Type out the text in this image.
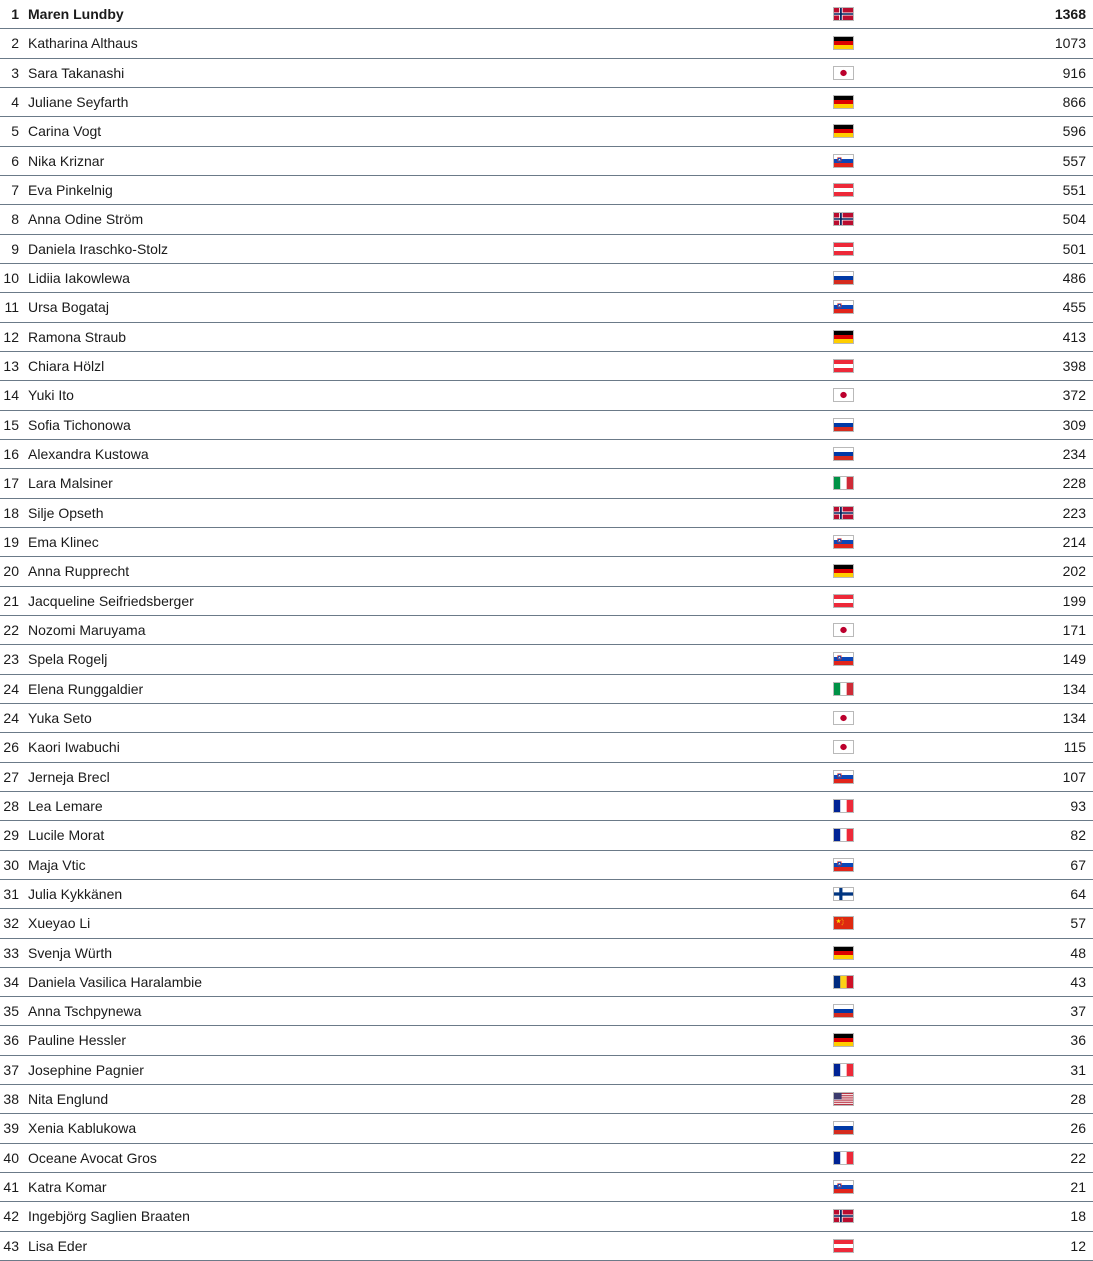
1 Maren Lundby	1368
2 Katharina Althaus	1073
3 Sara Takanashi	916
4 Juliane Seyfarth	866
5 Carina Vogt	596
6 Nika Kriznar	557
7 Eva Pinkelnig	551
8 Anna Odine Ström	504
9 Daniela Iraschko-Stolz	501
10 Lidiia Iakowlewa	486
11 Ursa Bogataj	455
12 Ramona Straub	413
13 Chiara Hölzl	398
14 Yuki Ito	372
15 Sofia Tichonowa	309
16 Alexandra Kustowa	234
17 Lara Malsiner	228
18 Silje Opseth	223
19 Ema Klinec	214
20 Anna Rupprecht	202
21 Jacqueline Seifriedsberger	199
22 Nozomi Maruyama	171
23 Spela Rogelj	149
24 Elena Runggaldier	134
24 Yuka Seto	134
26 Kaori Iwabuchi	115
27 Jerneja Brecl	107
28 Lea Lemare	93
29 Lucile Morat	82
30 Maja Vtic	67
31 Julia Kykkänen	64
32 Xueyao Li	57
33 Svenja Würth	48
34 Daniela Vasilica Haralambie	43
35 Anna Tschpynewa	37
36 Pauline Hessler	36
37 Josephine Pagnier	31
38 Nita Englund	28
39 Xenia Kablukowa	26
40 Oceane Avocat Gros	22
41 Katra Komar	21
42 Ingebjörg Saglien Braaten	18
43 Lisa Eder	12
